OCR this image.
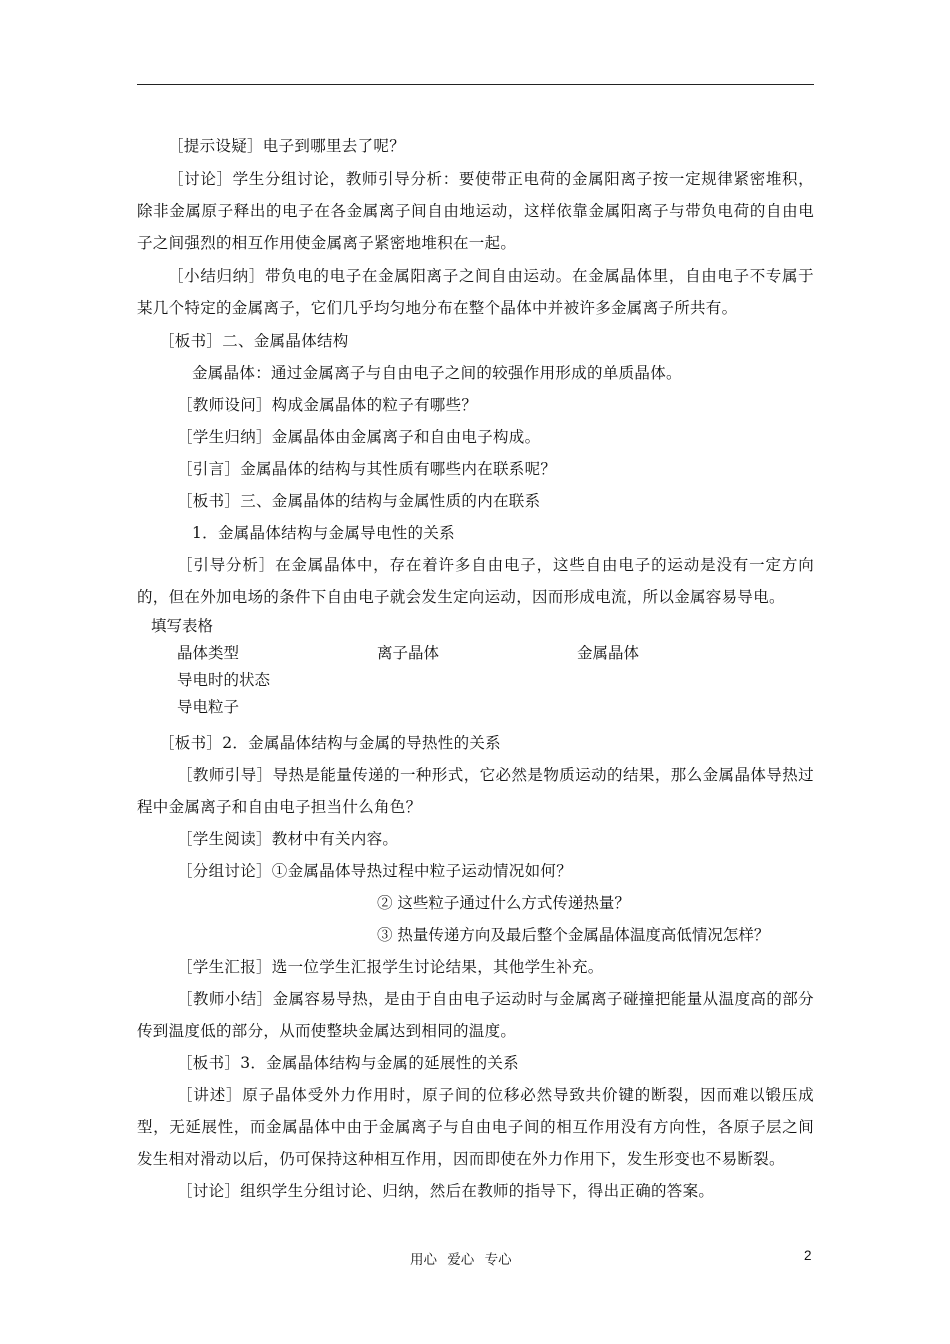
［提示设疑］电子到哪里去了呢？

［讨论］学生分组讨论，教师引导分析：要使带正电荷的金属阳离子按一定规律紧密堆积，除非金属原子释出的电子在各金属离子间自由地运动，这样依靠金属阳离子与带负电荷的自由电子之间强烈的相互作用使金属离子紧密地堆积在一起。

［小结归纳］带负电的电子在金属阳离子之间自由运动。在金属晶体里，自由电子不专属于某几个特定的金属离子，它们几乎均匀地分布在整个晶体中并被许多金属离子所共有。

［板书］二、金属晶体结构

金属晶体：通过金属离子与自由电子之间的较强作用形成的单质晶体。

［教师设问］构成金属晶体的粒子有哪些？

［学生归纳］金属晶体由金属离子和自由电子构成。

［引言］金属晶体的结构与其性质有哪些内在联系呢？

［板书］三、金属晶体的结构与金属性质的内在联系

1．金属晶体结构与金属导电性的关系

［引导分析］在金属晶体中，存在着许多自由电子，这些自由电子的运动是没有一定方向的，但在外加电场的条件下自由电子就会发生定向运动，因而形成电流，所以金属容易导电。

填写表格
晶体类型	离子晶体	金属晶体
导电时的状态
导电粒子

［板书］2．金属晶体结构与金属的导热性的关系

［教师引导］导热是能量传递的一种形式，它必然是物质运动的结果，那么金属晶体导热过程中金属离子和自由电子担当什么角色？

［学生阅读］教材中有关内容。

［分组讨论］①金属晶体导热过程中粒子运动情况如何？

② 这些粒子通过什么方式传递热量？

③ 热量传递方向及最后整个金属晶体温度高低情况怎样？

［学生汇报］选一位学生汇报学生讨论结果，其他学生补充。

［教师小结］金属容易导热，是由于自由电子运动时与金属离子碰撞把能量从温度高的部分传到温度低的部分，从而使整块金属达到相同的温度。

［板书］3．金属晶体结构与金属的延展性的关系

［讲述］原子晶体受外力作用时，原子间的位移必然导致共价键的断裂，因而难以锻压成型，无延展性，而金属晶体中由于金属离子与自由电子间的相互作用没有方向性，各原子层之间发生相对滑动以后，仍可保持这种相互作用，因而即使在外力作用下，发生形变也不易断裂。

［讨论］组织学生分组讨论、归纳，然后在教师的指导下，得出正确的答案。

用心 爱心 专心	2
